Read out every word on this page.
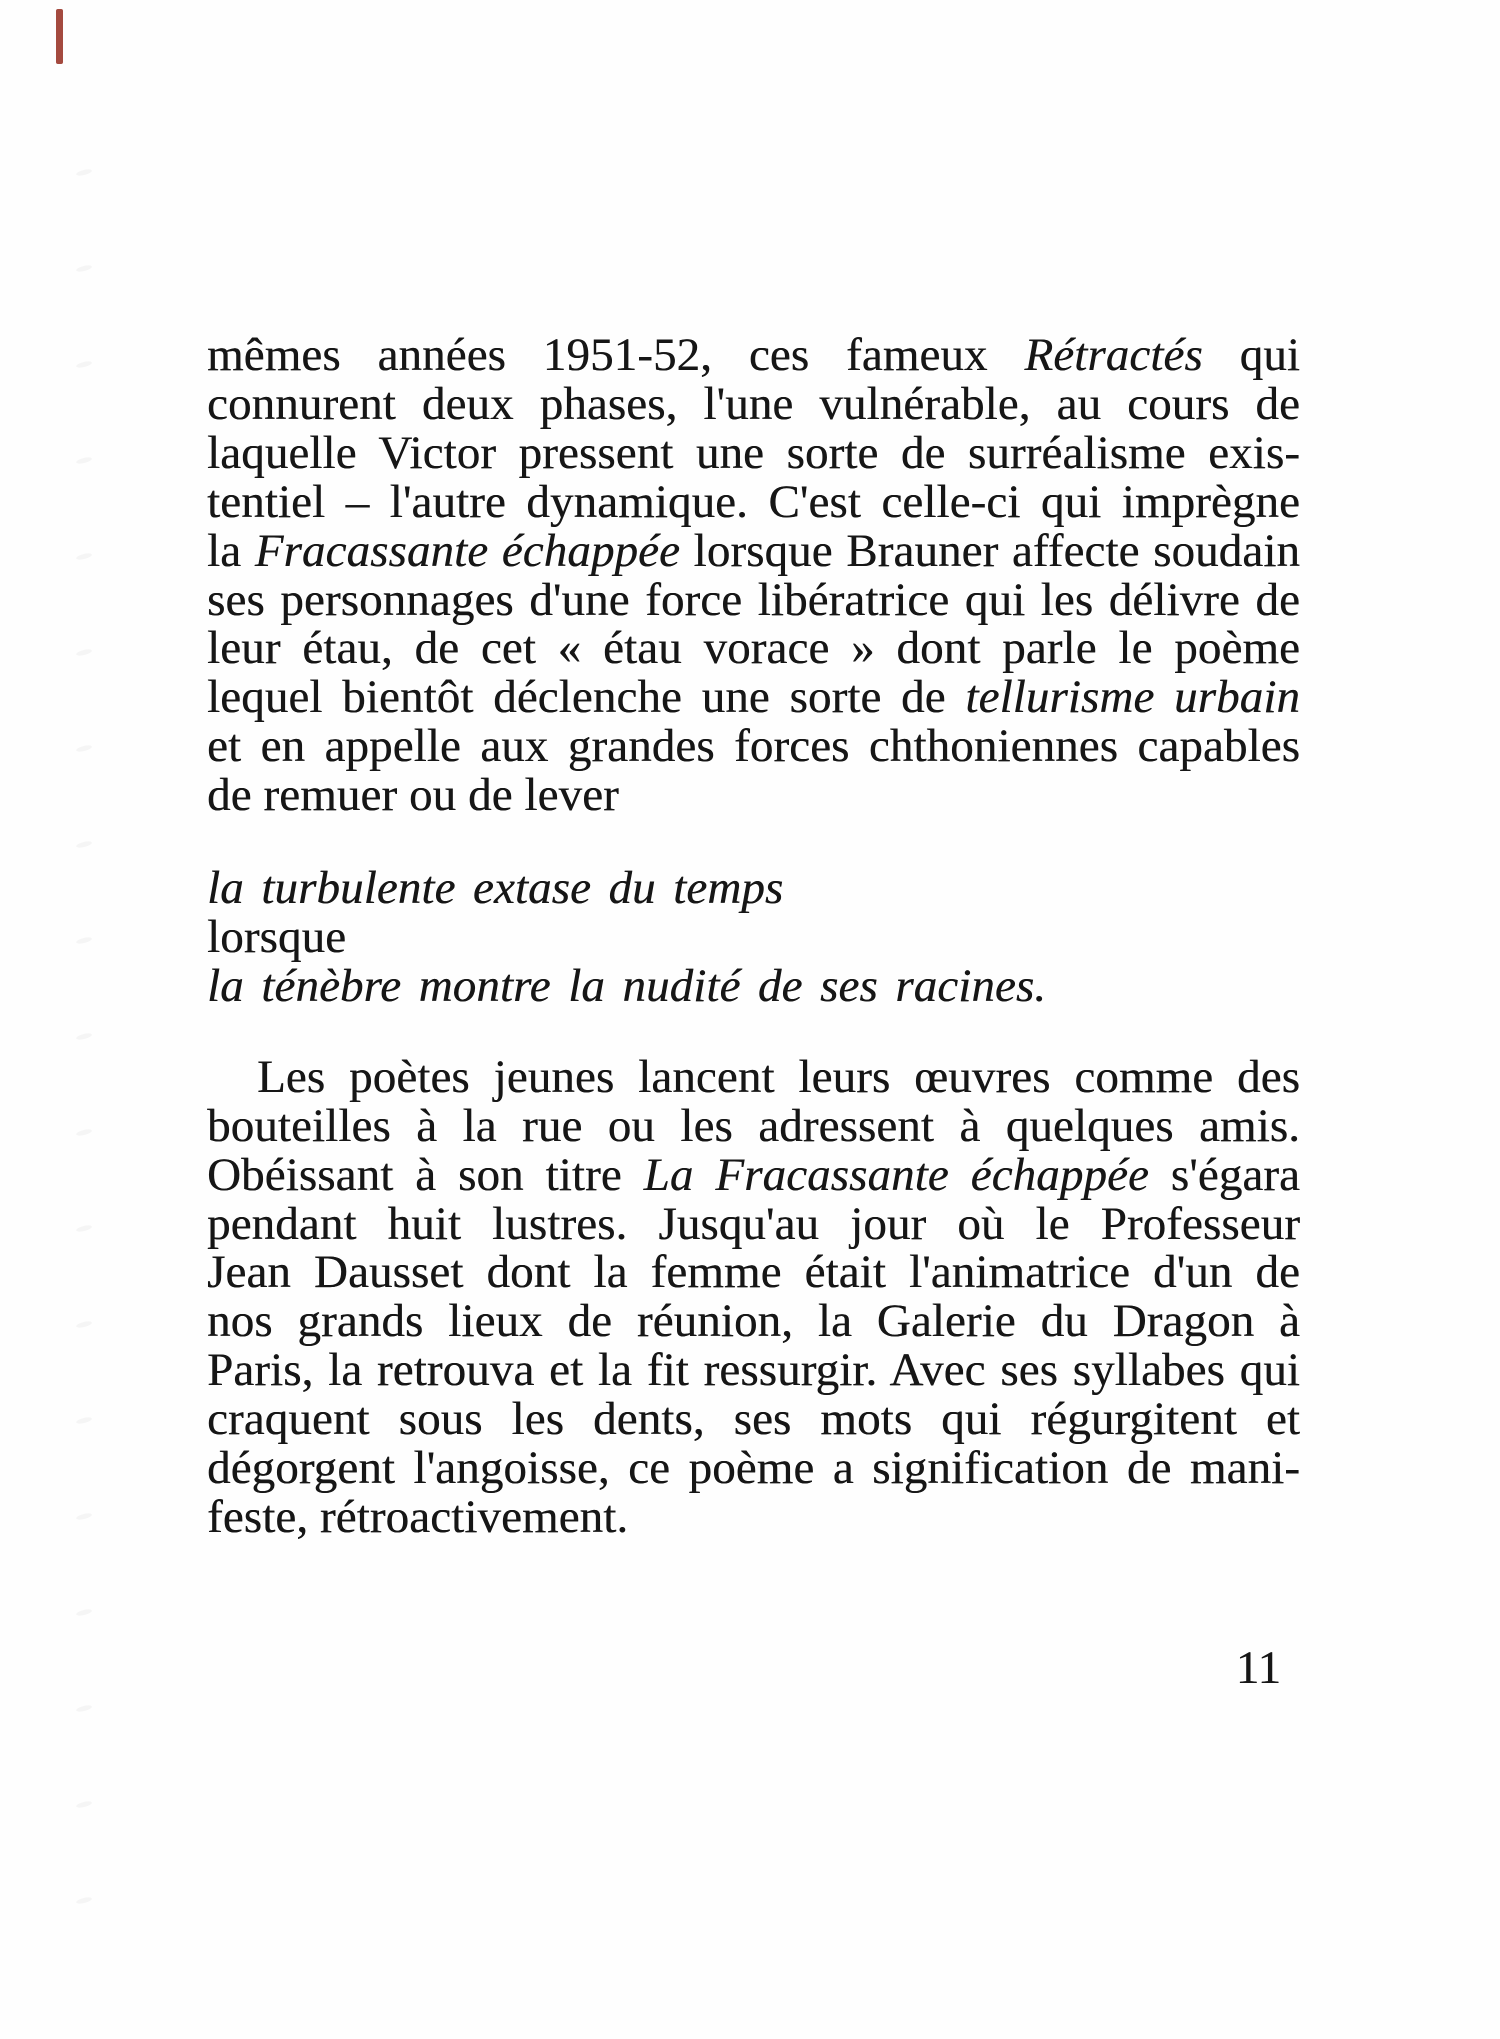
mêmes années 1951-52, ces fameux Rétractés qui
connurent deux phases, l'une vulnérable, au cours de
laquelle Victor pressent une sorte de surréalisme exis-
tentiel – l'autre dynamique. C'est celle-ci qui imprègne
la Fracassante échappée lorsque Brauner affecte soudain
ses personnages d'une force libératrice qui les délivre de
leur étau, de cet « étau vorace » dont parle le poème
lequel bientôt déclenche une sorte de tellurisme urbain
et en appelle aux grandes forces chthoniennes capables
de remuer ou de lever
la turbulente extase du temps
lorsque
la ténèbre montre la nudité de ses racines.
Les poètes jeunes lancent leurs œuvres comme des
bouteilles à la rue ou les adressent à quelques amis.
Obéissant à son titre La Fracassante échappée s'égara
pendant huit lustres. Jusqu'au jour où le Professeur
Jean Dausset dont la femme était l'animatrice d'un de
nos grands lieux de réunion, la Galerie du Dragon à
Paris, la retrouva et la fit ressurgir. Avec ses syllabes qui
craquent sous les dents, ses mots qui régurgitent et
dégorgent l'angoisse, ce poème a signification de mani-
feste, rétroactivement.
11
